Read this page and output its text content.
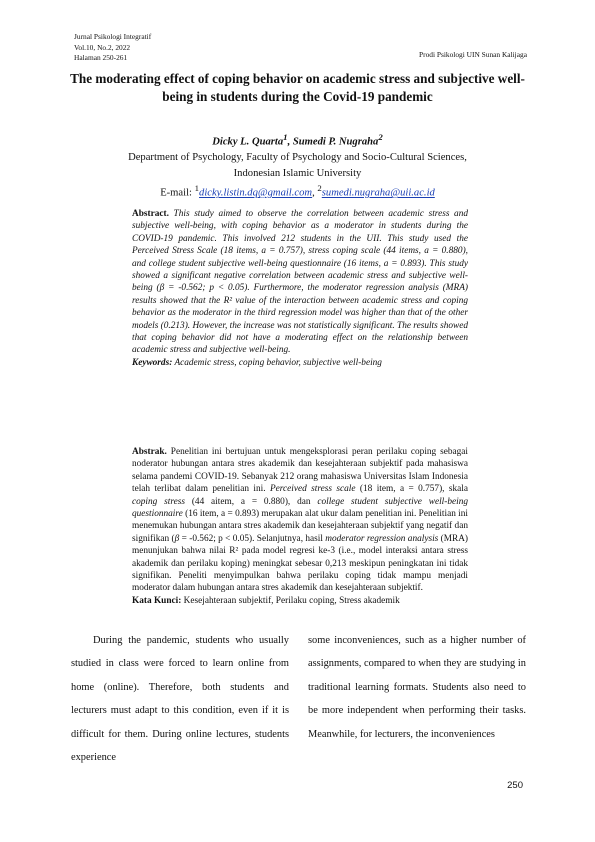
Jurnal Psikologi Integratif
Vol.10, No.2, 2022
Halaman 250-261	Prodi Psikologi UIN Sunan Kalijaga
The moderating effect of coping behavior on academic stress and subjective well-being in students during the Covid-19 pandemic
Dicky L. Quarta$^1$, Sumedi P. Nugraha$^2$
Department of Psychology, Faculty of Psychology and Socio-Cultural Sciences,
Indonesian Islamic University
E-mail: $^1$dicky.listin.dq@gmail.com, $^2$sumedi.nugraha@uii.ac.id
Abstract. This study aimed to observe the correlation between academic stress and subjective well-being, with coping behavior as a moderator in students during the COVID-19 pandemic. This involved 212 students in the UII. This study used the Perceived Stress Scale (18 items, a = 0.757), stress coping scale (44 items, a = 0.880), and college student subjective well-being questionnaire (16 items, a = 0.893). This study showed a significant negative correlation between academic stress and subjective well-being (β = -0.562; p < 0.05). Furthermore, the moderator regression analysis (MRA) results showed that the R² value of the interaction between academic stress and coping behavior as the moderator in the third regression model was higher than that of the other models (0.213). However, the increase was not statistically significant. The results showed that coping behavior did not have a moderating effect on the relationship between academic stress and subjective well-being.
Keywords: Academic stress, coping behavior, subjective well-being
Abstrak. Penelitian ini bertujuan untuk mengeksplorasi peran perilaku coping sebagai noderator hubungan antara stres akademik dan kesejahteraan subjektif pada mahasiswa selama pandemi COVID-19. Sebanyak 212 orang mahasiswa Universitas Islam Indonesia telah terlibat dalam penelitian ini. Perceived stress scale (18 item, a = 0.757), skala coping stress (44 aitem, a = 0.880), dan college student subjective well-being questionnaire (16 item, a = 0.893) merupakan alat ukur dalam penelitian ini. Penelitian ini menemukan hubungan antara stres akademik dan kesejahteraan subjektif yang negatif dan signifikan (β = -0.562; p < 0.05). Selanjutnya, hasil moderator regression analysis (MRA) menunjukan bahwa nilai R² pada model regresi ke-3 (i.e., model interaksi antara stress akademik dan perilaku koping) meningkat sebesar 0,213 meskipun peningkatan ini tidak signifikan. Peneliti menyimpulkan bahwa perilaku coping tidak mampu menjadi moderator dalam hubungan antara stres akademik dan kesejahteraan subjektif.
Kata Kunci: Kesejahteraan subjektif, Perilaku coping, Stress akademik
During the pandemic, students who usually studied in class were forced to learn online from home (online). Therefore, both students and lecturers must adapt to this condition, even if it is difficult for them. During online lectures, students experience
some inconveniences, such as a higher number of assignments, compared to when they are studying in traditional learning formats. Students also need to be more independent when performing their tasks. Meanwhile, for lecturers, the inconveniences
250
